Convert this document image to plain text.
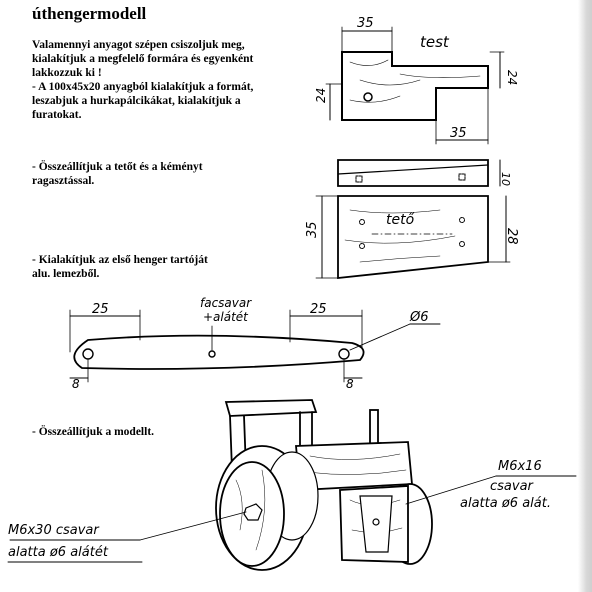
úthengermodell
Valamennyi anyagot szépen csiszoljuk meg,
kialakítjuk a megfelelő formára és egyenként
lakkozzuk ki !
- A 100x45x20 anyagból kialakítjuk a formát,
leszabjuk a hurkapálcikákat, kialakítjuk a
furatokat.
- Összeállítjuk a tetőt és a kéményt
ragasztással.
- Kialakítjuk az első henger tartóját
alu. lemezből.
- Összeállítjuk a modellt.
35
test
24
24
35
10
tető
35	28
25	25
8	8
Ø6
facsavar
+alátét
M6x16
csavar
alatta ø6 alát.
M6x30 csavar
alatta ø6 alátét
